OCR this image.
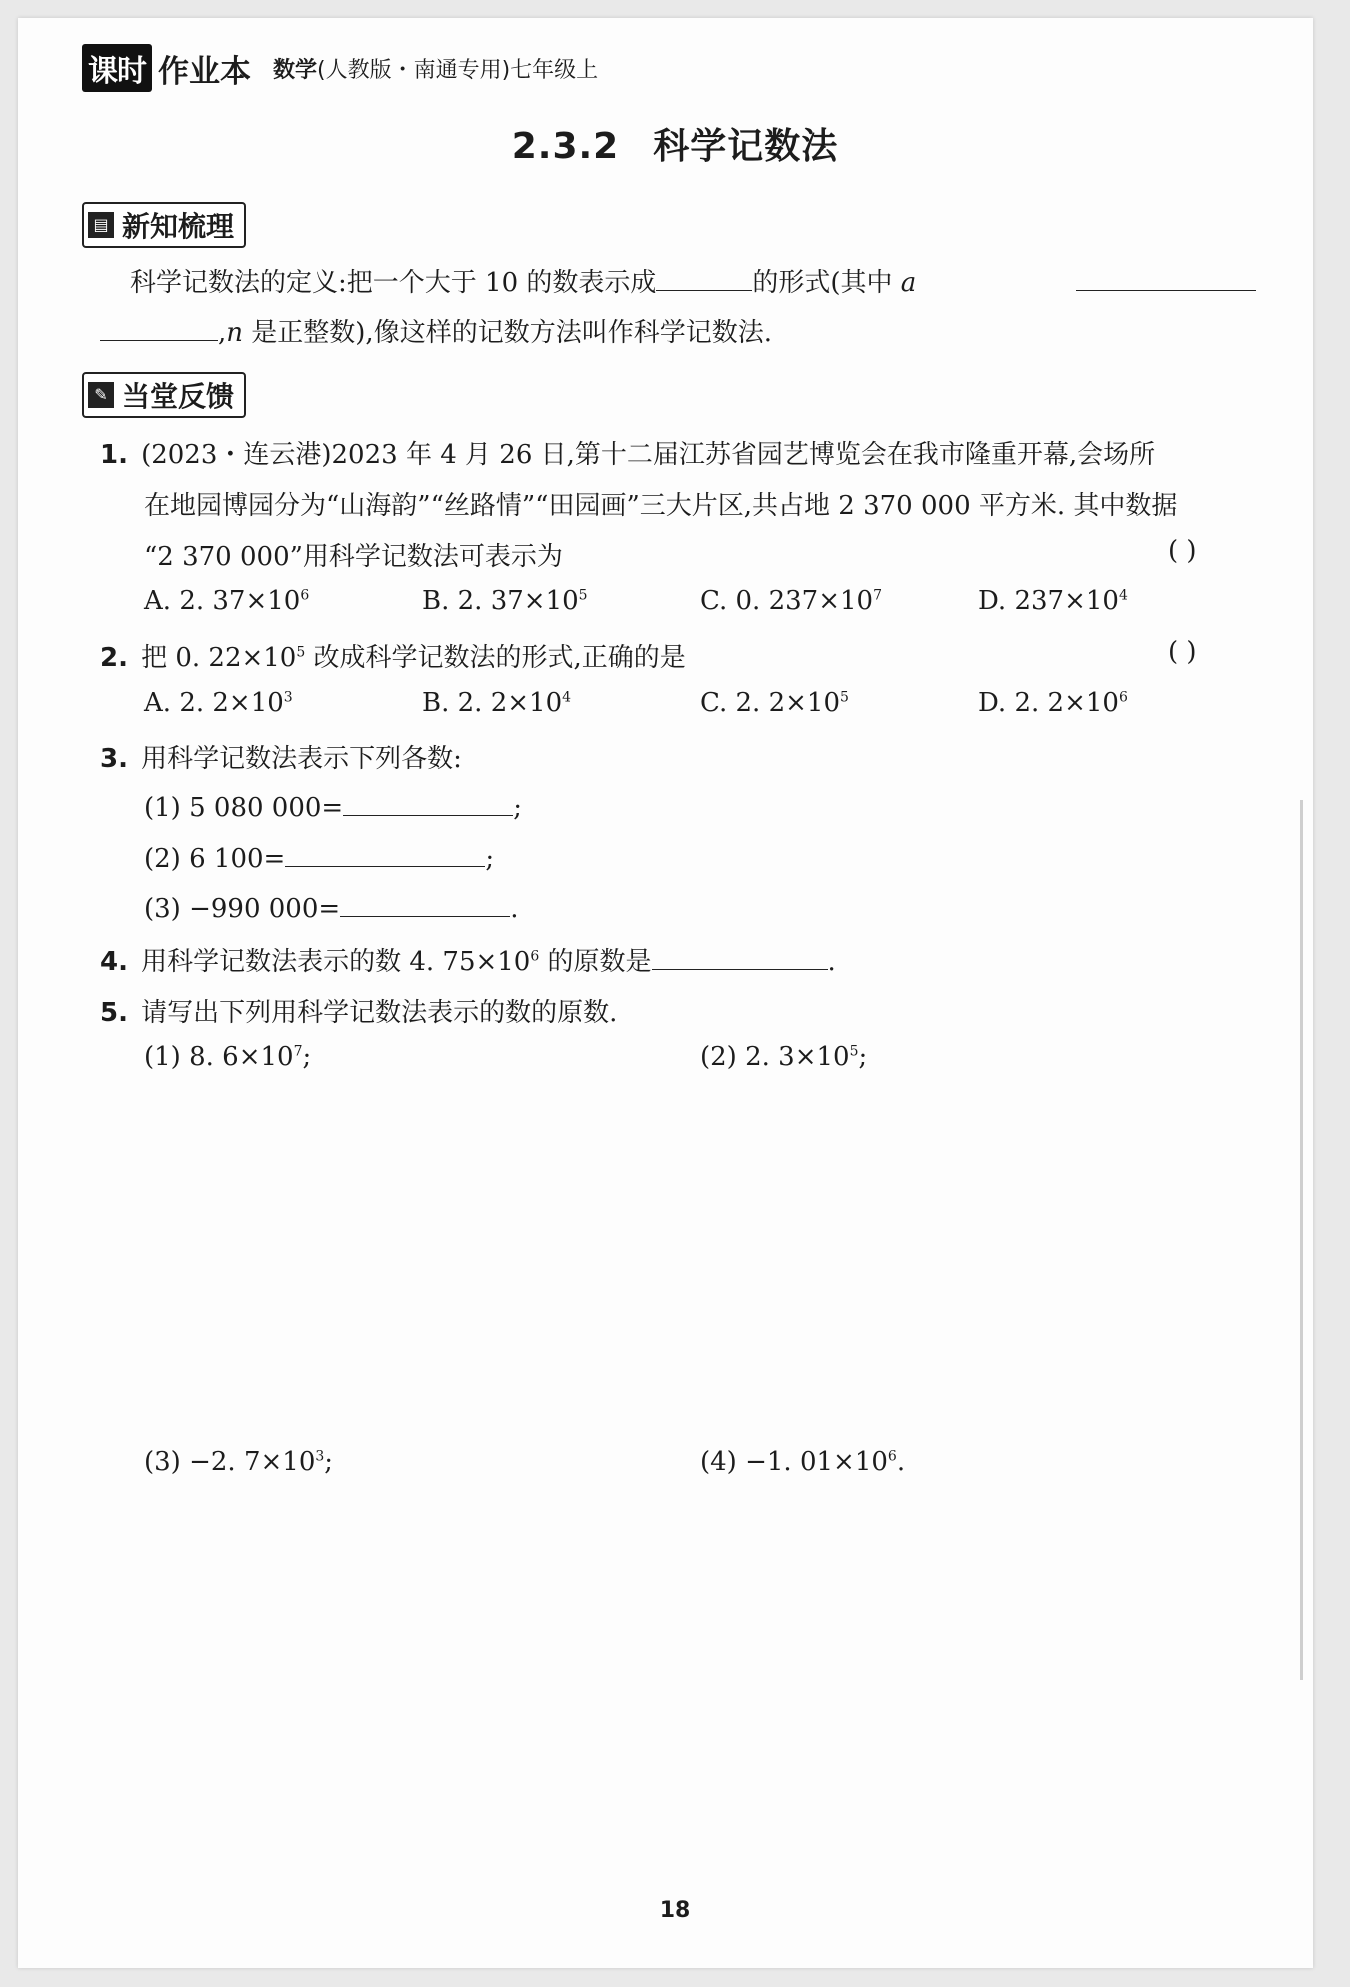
课时 作业本 数学(人教版・南通专用)七年级上
2.3.2 科学记数法
▤ 新知梳理
科学记数法的定义:把一个大于 10 的数表示成	的形式(其中 a
,n 是正整数),像这样的记数方法叫作科学记数法.
✎ 当堂反馈
1. (2023・连云港)2023 年 4 月 26 日,第十二届江苏省园艺博览会在我市隆重开幕,会场所
在地园博园分为“山海韵”“丝路情”“田园画”三大片区,共占地 2 370 000 平方米. 其中数据
“2 370 000”用科学记数法可表示为	( )
A. 2. $37\times 10^6$	B. 2. $37\times 10^5$	C. 0. $237\times 10^7$	D. $237\times 10^4$
2. 把 0. $22\times 10^5$ 改成科学记数法的形式,正确的是	( )
A. 2. $2\times 10^3$	B. 2. $2\times 10^4$	C. 2. $2\times 10^5$	D. 2. $2\times 10^6$
3. 用科学记数法表示下列各数:
(1) 5 080 000=	;
(2) 6 100=	;
(3) −990 000=	.
4. 用科学记数法表示的数 4. $75\times 10^6$ 的原数是	.
5. 请写出下列用科学记数法表示的数的原数.
(1) 8. $6\times 10^7$;	(2) 2. $3\times 10^5$;
(3) −2. $7\times 10^3$;	(4) −1. $01\times 10^6$.
18
